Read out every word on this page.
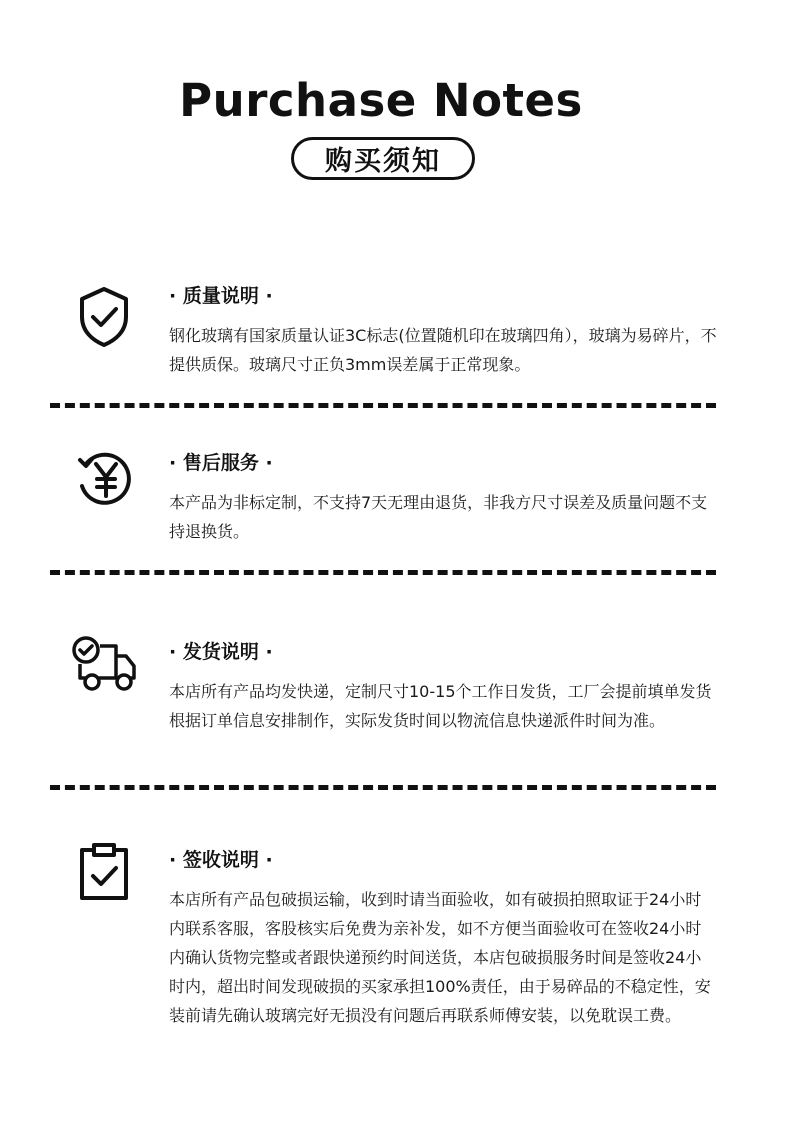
Purchase Notes
购买须知
· 质量说明 ·
钢化玻璃有国家质量认证3C标志(位置随机印在玻璃四角），玻璃为易碎片，不提供质保。玻璃尺寸正负3mm误差属于正常现象。
· 售后服务 ·
本产品为非标定制，不支持7天无理由退货，非我方尺寸误差及质量问题不支持退换货。
· 发货说明 ·
本店所有产品均发快递，定制尺寸10-15个工作日发货，工厂会提前填单发货根据订单信息安排制作，实际发货时间以物流信息快递派件时间为准。
· 签收说明 ·
本店所有产品包破损运输，收到时请当面验收，如有破损拍照取证于24小时内联系客服，客股核实后免费为亲补发，如不方便当面验收可在签收24小时内确认货物完整或者跟快递预约时间送货，本店包破损服务时间是签收24小时内，超出时间发现破损的买家承担100%责任，由于易碎品的不稳定性，安装前请先确认玻璃完好无损没有问题后再联系师傅安装，以免耽误工费。
